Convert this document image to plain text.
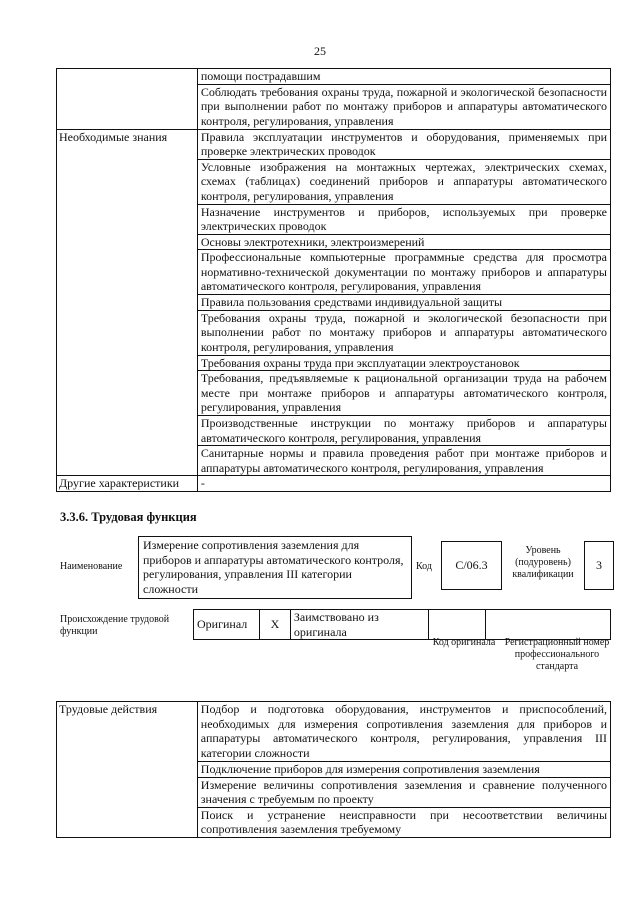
25
	помощи пострадавшим
	Соблюдать требования охраны труда, пожарной и экологической безопасности при выполнении работ по монтажу приборов и аппаратуры автоматического контроля, регулирования, управления
Необходимые знания	Правила эксплуатации инструментов и оборудования, применяемых при проверке электрических проводок
	Условные изображения на монтажных чертежах, электрических схемах, схемах (таблицах) соединений приборов и аппаратуры автоматического контроля, регулирования, управления
	Назначение инструментов и приборов, используемых при проверке электрических проводок
	Основы электротехники, электроизмерений
	Профессиональные компьютерные программные средства для просмотра нормативно-технической документации по монтажу приборов и аппаратуры автоматического контроля, регулирования, управления
	Правила пользования средствами индивидуальной защиты
	Требования охраны труда, пожарной и экологической безопасности при выполнении работ по монтажу приборов и аппаратуры автоматического контроля, регулирования, управления
	Требования охраны труда при эксплуатации электроустановок
	Требования, предъявляемые к рациональной организации труда на рабочем месте при монтаже приборов и аппаратуры автоматического контроля, регулирования, управления
	Производственные инструкции по монтажу приборов и аппаратуры автоматического контроля, регулирования, управления
	Санитарные нормы и правила проведения работ при монтаже приборов и аппаратуры автоматического контроля, регулирования, управления
Другие характеристики	-
3.3.6. Трудовая функция
Наименование
Измерение сопротивления заземления для приборов и аппаратуры автоматического контроля, регулирования, управления III категории сложности
Код	C/06.3
Уровень (подуровень) квалификации
3
Происхождение трудовой функции
Оригинал	X	Заимствовано из оригинала		
Код оригинала Регистрационный номер профессионального стандарта
Трудовые действия	Подбор и подготовка оборудования, инструментов и приспособлений, необходимых для измерения сопротивления заземления для приборов и аппаратуры автоматического контроля, регулирования, управления III категории сложности
Подключение приборов для измерения сопротивления заземления
Измерение величины сопротивления заземления и сравнение полученного значения с требуемым по проекту
Поиск и устранение неисправности при несоответствии величины сопротивления заземления требуемому
